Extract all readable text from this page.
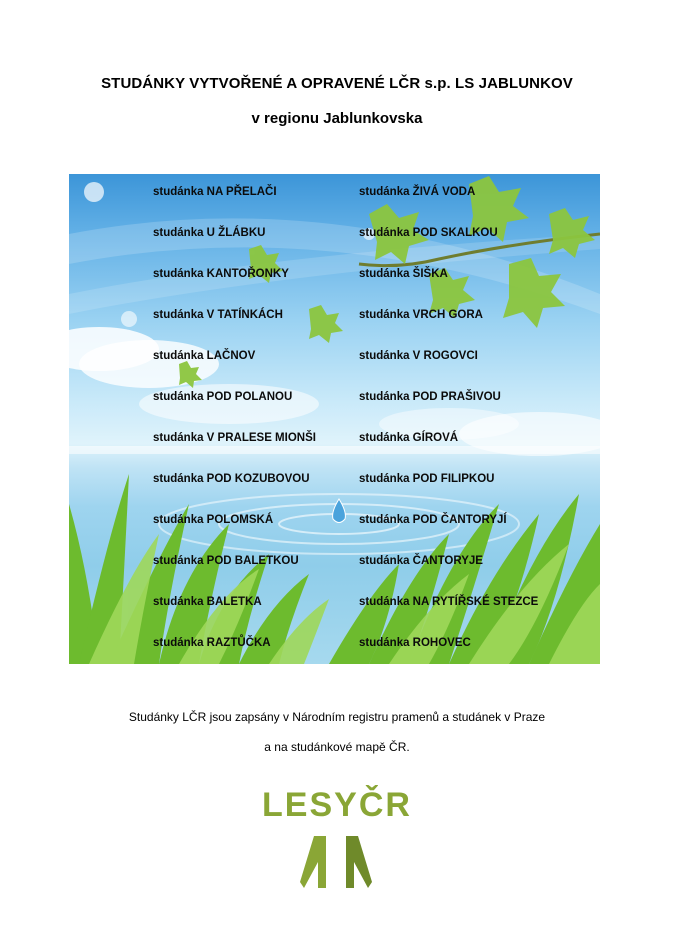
STUDÁNKY VYTVOŘENÉ A OPRAVENÉ LČR s.p. LS JABLUNKOV
v regionu Jablunkovska
studánka NA PŘELAČI
studánka U ŽLÁBKU
studánka KANTOŘONKY
studánka V TATÍNKÁCH
studánka LAČNOV
studánka POD POLANOU
studánka V PRALESE MIONŠI
studánka POD KOZUBOVOU
studánka POLOMSKÁ
studánka POD BALETKOU
studánka BALETKA
studánka RAZTŮČKA
studánka ŽIVÁ VODA
studánka POD SKALKOU
studánka ŠIŠKA
studánka VRCH GORA
studánka V ROGOVCI
studánka POD PRAŠIVOU
studánka GÍROVÁ
studánka POD FILIPKOU
studánka POD ČANTORYJÍ
studánka ČANTORYJE
studánka NA RYTÍŘSKÉ STEZCE
studánka ROHOVEC
Studánky LČR jsou zapsány v Národním registru pramenů a studánek v Praze
a na studánkové mapě ČR.
LESYČR
